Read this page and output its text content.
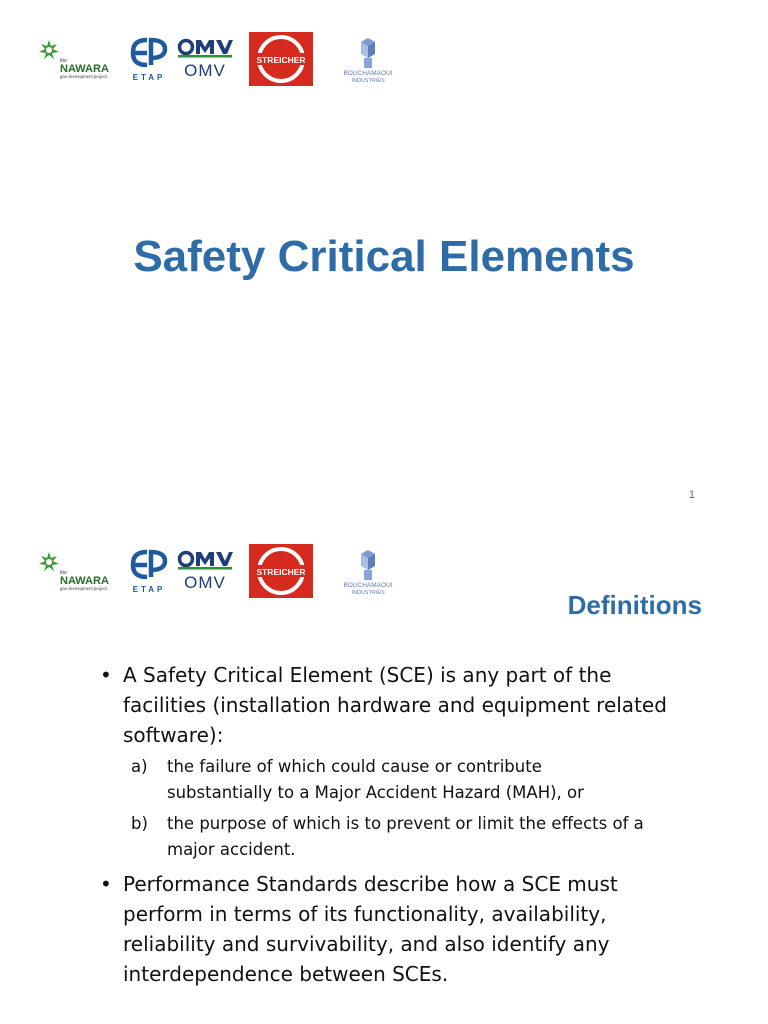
the
NAWARA
gas development project	ETAP OMV
STREICHER
BOUCHAMAOUI
INDUSTRIES
Safety Critical Elements
1
the
NAWARA
gas development project	ETAP OMV
STREICHER
BOUCHAMAOUI
INDUSTRIES	Definitions

• A Safety Critical Element (SCE) is any part of the facilities (installation hardware and equipment related software):

a) the failure of which could cause or contribute substantially to a Major Accident Hazard (MAH), or
b) the purpose of which is to prevent or limit the effects of a major accident.

• Performance Standards describe how a SCE must perform in terms of its functionality, availability, reliability and survivability, and also identify any interdependence between SCEs.
